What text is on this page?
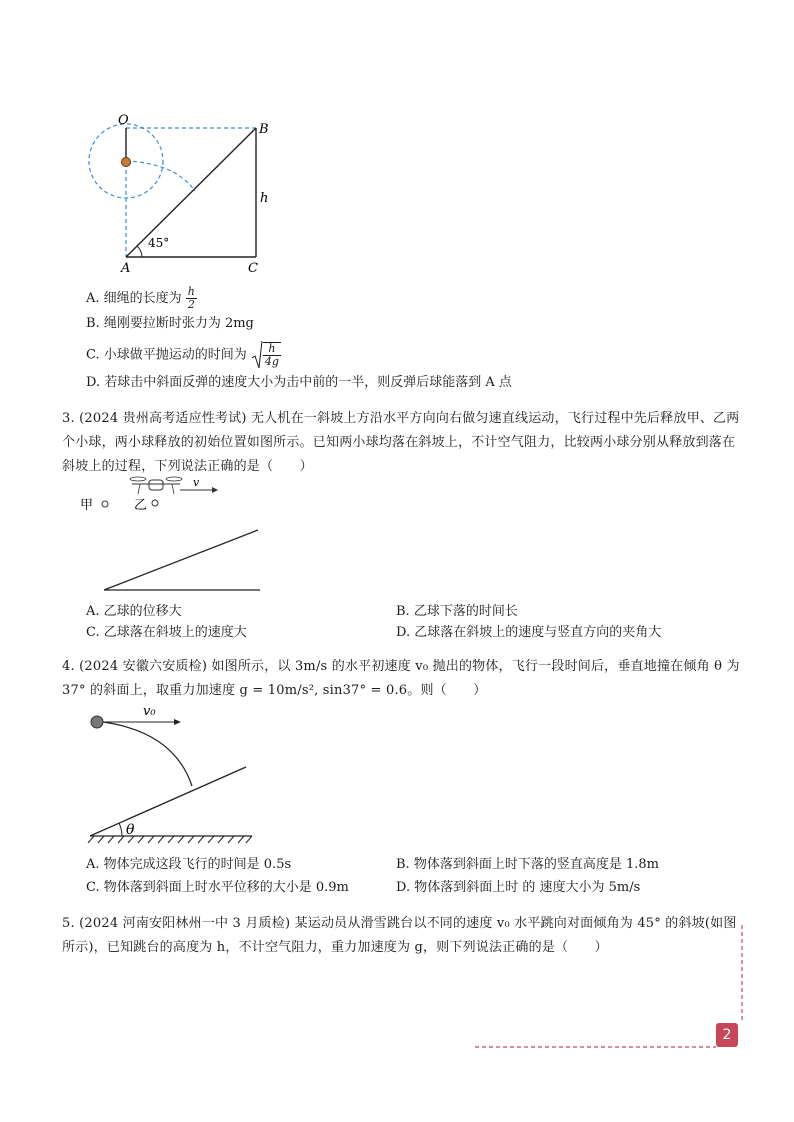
O
B
h
45°
A	C
A. 细绳的长度为 $\frac{h}{2}$
B. 绳刚要拉断时张力为 2mg
C. 小球做平抛运动的时间为 $\frac{h}{4g}$
D. 若球击中斜面反弹的速度大小为击中前的一半，则反弹后球能落到 A 点
3. (2024 贵州高考适应性考试) 无人机在一斜坡上方沿水平方向向右做匀速直线运动，飞行过程中先后释放甲、乙两个小球，两小球释放的初始位置如图所示。已知两小球均落在斜坡上，不计空气阻力，比较两小球分别从释放到落在斜坡上的过程，下列说法正确的是（　　）
甲
v
乙
A. 乙球的位移大	B. 乙球下落的时间长
C. 乙球落在斜坡上的速度大	D. 乙球落在斜坡上的速度与竖直方向的夹角大
4. (2024 安徽六安质检) 如图所示，以 3m/s 的水平初速度 v₀ 抛出的物体，飞行一段时间后，垂直地撞在倾角 θ 为 37° 的斜面上，取重力加速度 g = 10m/s², sin37° = 0.6。则（　　）
v₀
θ
A. 物体完成这段飞行的时间是 0.5s	B. 物体落到斜面上时下落的竖直高度是 1.8m
C. 物体落到斜面上时水平位移的大小是 0.9m	D. 物体落到斜面上时 的 速度大小为 5m/s
5. (2024 河南安阳林州一中 3 月质检) 某运动员从滑雪跳台以不同的速度 v₀ 水平跳向对面倾角为 45° 的斜坡(如图所示)，已知跳台的高度为 h，不计空气阻力，重力加速度为 g，则下列说法正确的是（　　）
2
